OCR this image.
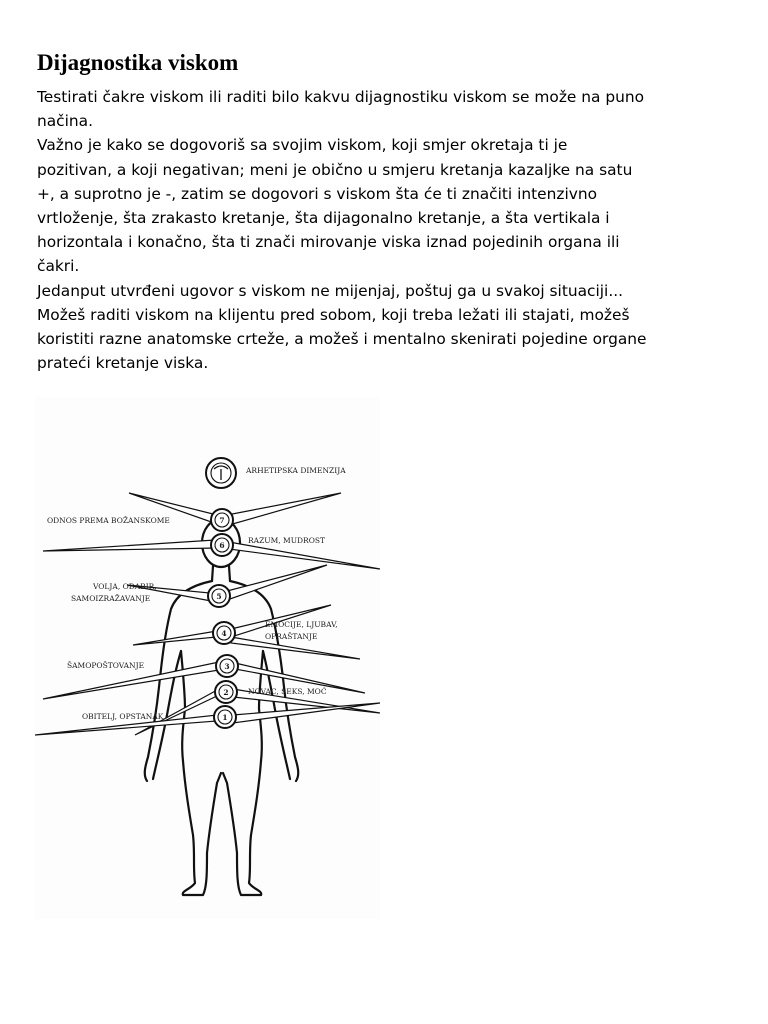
Dijagnostika viskom
Testirati čakre viskom ili raditi bilo kakvu dijagnostiku viskom se može na puno
načina.
Važno je kako se dogovoriš sa svojim viskom, koji smjer okretaja ti je
pozitivan, a koji negativan; meni je obično u smjeru kretanja kazaljke na satu
+, a suprotno je -, zatim se dogovori s viskom šta će ti značiti intenzivno
vrtloženje, šta zrakasto kretanje, šta dijagonalno kretanje, a šta vertikala i
horizontala i konačno, šta ti znači mirovanje viska iznad pojedinih organa ili
čakri.
Jedanput utvrđeni ugovor s viskom ne mijenjaj, poštuj ga u svakoj situaciji...
Možeš raditi viskom na klijentu pred sobom, koji treba ležati ili stajati, možeš
koristiti razne anatomske crteže, a možeš i mentalno skenirati pojedine organe
prateći kretanje viska.
7
6
5
4
3
2
1
ARHETIPSKA DIMENZIJA
ODNOS PREMA BOŽANSKOME
RAZUM, MUDROST
VOLJA, ODABIR,
SAMOIZRAŽAVANJE
EMOCIJE, LJUBAV,
OPRAŠTANJE
ŠAMOPOŠTOVANJE
NOVAC, SEKS, MOĆ
OBITELJ, OPSTANAK
